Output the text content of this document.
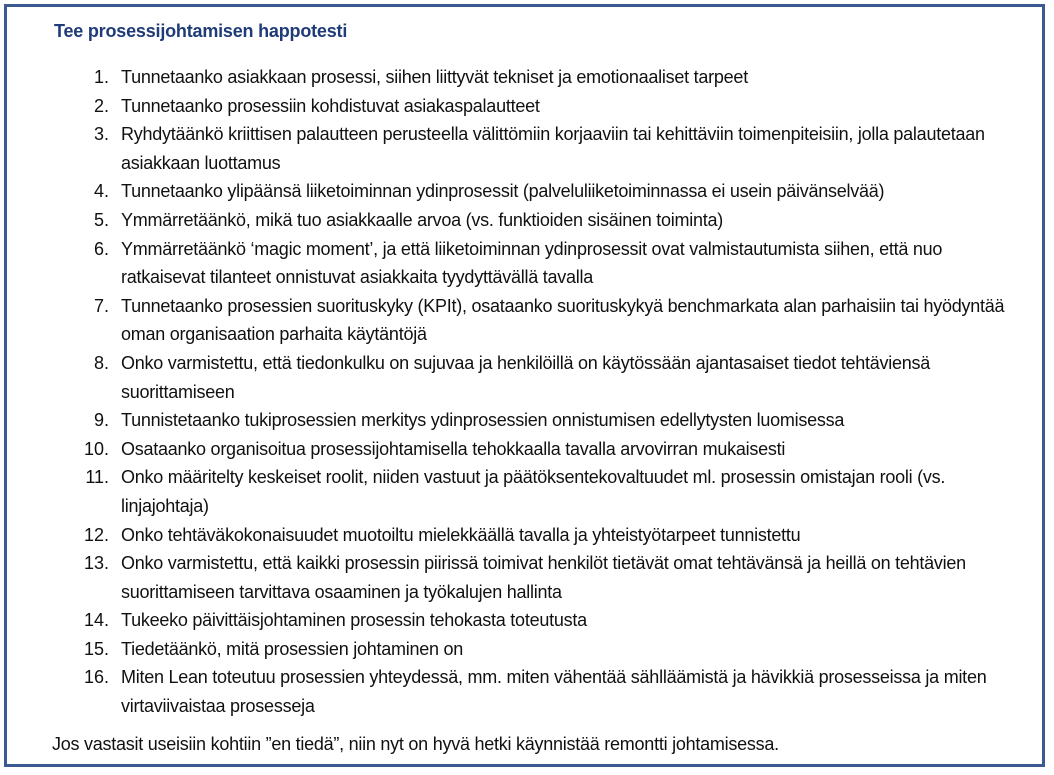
Tee prosessijohtamisen happotesti
1. Tunnetaanko asiakkaan prosessi, siihen liittyvät tekniset ja emotionaaliset tarpeet
2. Tunnetaanko prosessiin kohdistuvat asiakaspalautteet
3. Ryhdytäänkö kriittisen palautteen perusteella välittömiin korjaaviin tai kehittäviin toimenpiteisiin, jolla palautetaan asiakkaan luottamus
4. Tunnetaanko ylipäänsä liiketoiminnan ydinprosessit (palveluliiketoiminnassa ei usein päivänselvää)
5. Ymmärretäänkö, mikä tuo asiakkaalle arvoa (vs. funktioiden sisäinen toiminta)
6. Ymmärretäänkö ‘magic moment’, ja että liiketoiminnan ydinprosessit ovat valmistautumista siihen, että nuo ratkaisevat tilanteet onnistuvat asiakkaita tyydyttävällä tavalla
7. Tunnetaanko prosessien suorituskyky (KPIt), osataanko suorituskykyä benchmarkata alan parhaisiin tai hyödyntää oman organisaation parhaita käytäntöjä
8. Onko varmistettu, että tiedonkulku on sujuvaa ja henkilöillä on käytössään ajantasaiset tiedot tehtäviensä suorittamiseen
9. Tunnistetaanko tukiprosessien merkitys ydinprosessien onnistumisen edellytysten luomisessa
10. Osataanko organisoitua prosessijohtamisella tehokkaalla tavalla arvovirran mukaisesti
11. Onko määritelty keskeiset roolit, niiden vastuut ja päätöksentekovaltuudet ml. prosessin omistajan rooli (vs. linjajohtaja)
12. Onko tehtäväkokonaisuudet muotoiltu mielekkäällä tavalla ja yhteistyötarpeet tunnistettu
13. Onko varmistettu, että kaikki prosessin piirissä toimivat henkilöt tietävät omat tehtävänsä ja heillä on tehtävien suorittamiseen tarvittava osaaminen ja työkalujen hallinta
14. Tukeeko päivittäisjohtaminen prosessin tehokasta toteutusta
15. Tiedetäänkö, mitä prosessien johtaminen on
16. Miten Lean toteutuu prosessien yhteydessä, mm. miten vähentää sählläämistä ja hävikkiä prosesseissa ja miten virtaviivaistaa prosesseja
Jos vastasit useisiin kohtiin ”en tiedä”, niin nyt on hyvä hetki käynnistää remontti johtamisessa.
